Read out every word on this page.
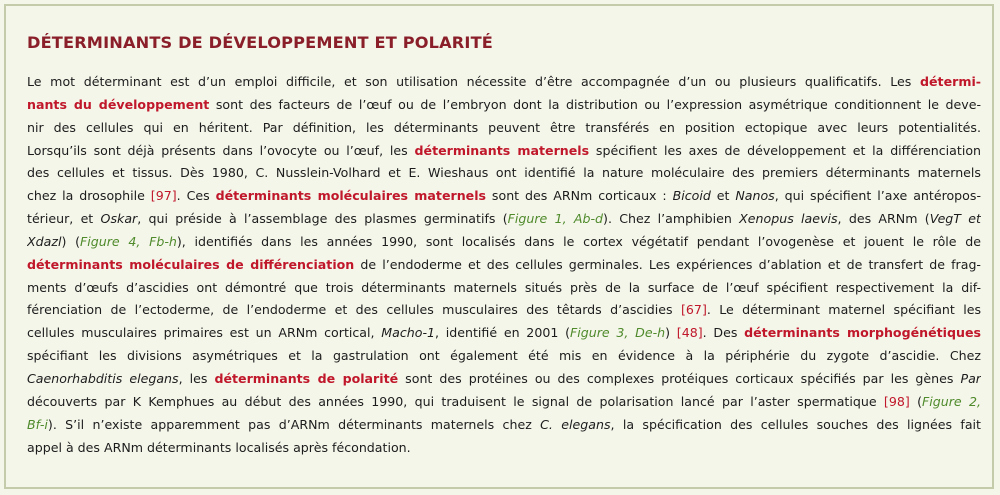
DÉTERMINANTS DE DÉVELOPPEMENT ET POLARITÉ
Le mot déterminant est d’un emploi difficile, et son utilisation nécessite d’être accompagnée d’un ou plusieurs qualificatifs. Les détermi-
nants du développement sont des facteurs de l’œuf ou de l’embryon dont la distribution ou l’expression asymétrique conditionnent le deve-
nir des cellules qui en héritent. Par définition, les déterminants peuvent être transférés en position ectopique avec leurs potentialités.
Lorsqu’ils sont déjà présents dans l’ovocyte ou l’œuf, les déterminants maternels spécifient les axes de développement et la différenciation
des cellules et tissus. Dès 1980, C. Nusslein-Volhard et E. Wieshaus ont identifié la nature moléculaire des premiers déterminants maternels
chez la drosophile [97]. Ces déterminants moléculaires maternels sont des ARNm corticaux : Bicoid et Nanos, qui spécifient l’axe antéropos-
térieur, et Oskar, qui préside à l’assemblage des plasmes germinatifs (Figure 1, Ab-d). Chez l’amphibien Xenopus laevis, des ARNm (VegT et
Xdazl) (Figure 4, Fb-h), identifiés dans les années 1990, sont localisés dans le cortex végétatif pendant l’ovogenèse et jouent le rôle de
déterminants moléculaires de différenciation de l’endoderme et des cellules germinales. Les expériences d’ablation et de transfert de frag-
ments d’œufs d’ascidies ont démontré que trois déterminants maternels situés près de la surface de l’œuf spécifient respectivement la dif-
férenciation de l’ectoderme, de l’endoderme et des cellules musculaires des têtards d’ascidies [67]. Le déterminant maternel spécifiant les
cellules musculaires primaires est un ARNm cortical, Macho-1, identifié en 2001 (Figure 3, De-h) [48]. Des déterminants morphogénétiques
spécifiant les divisions asymétriques et la gastrulation ont également été mis en évidence à la périphérie du zygote d’ascidie. Chez
Caenorhabditis elegans, les déterminants de polarité sont des protéines ou des complexes protéiques corticaux spécifiés par les gènes Par
découverts par K Kemphues au début des années 1990, qui traduisent le signal de polarisation lancé par l’aster spermatique [98] (Figure 2,
Bf-i). S’il n’existe apparemment pas d’ARNm déterminants maternels chez C. elegans, la spécification des cellules souches des lignées fait
appel à des ARNm déterminants localisés après fécondation.
